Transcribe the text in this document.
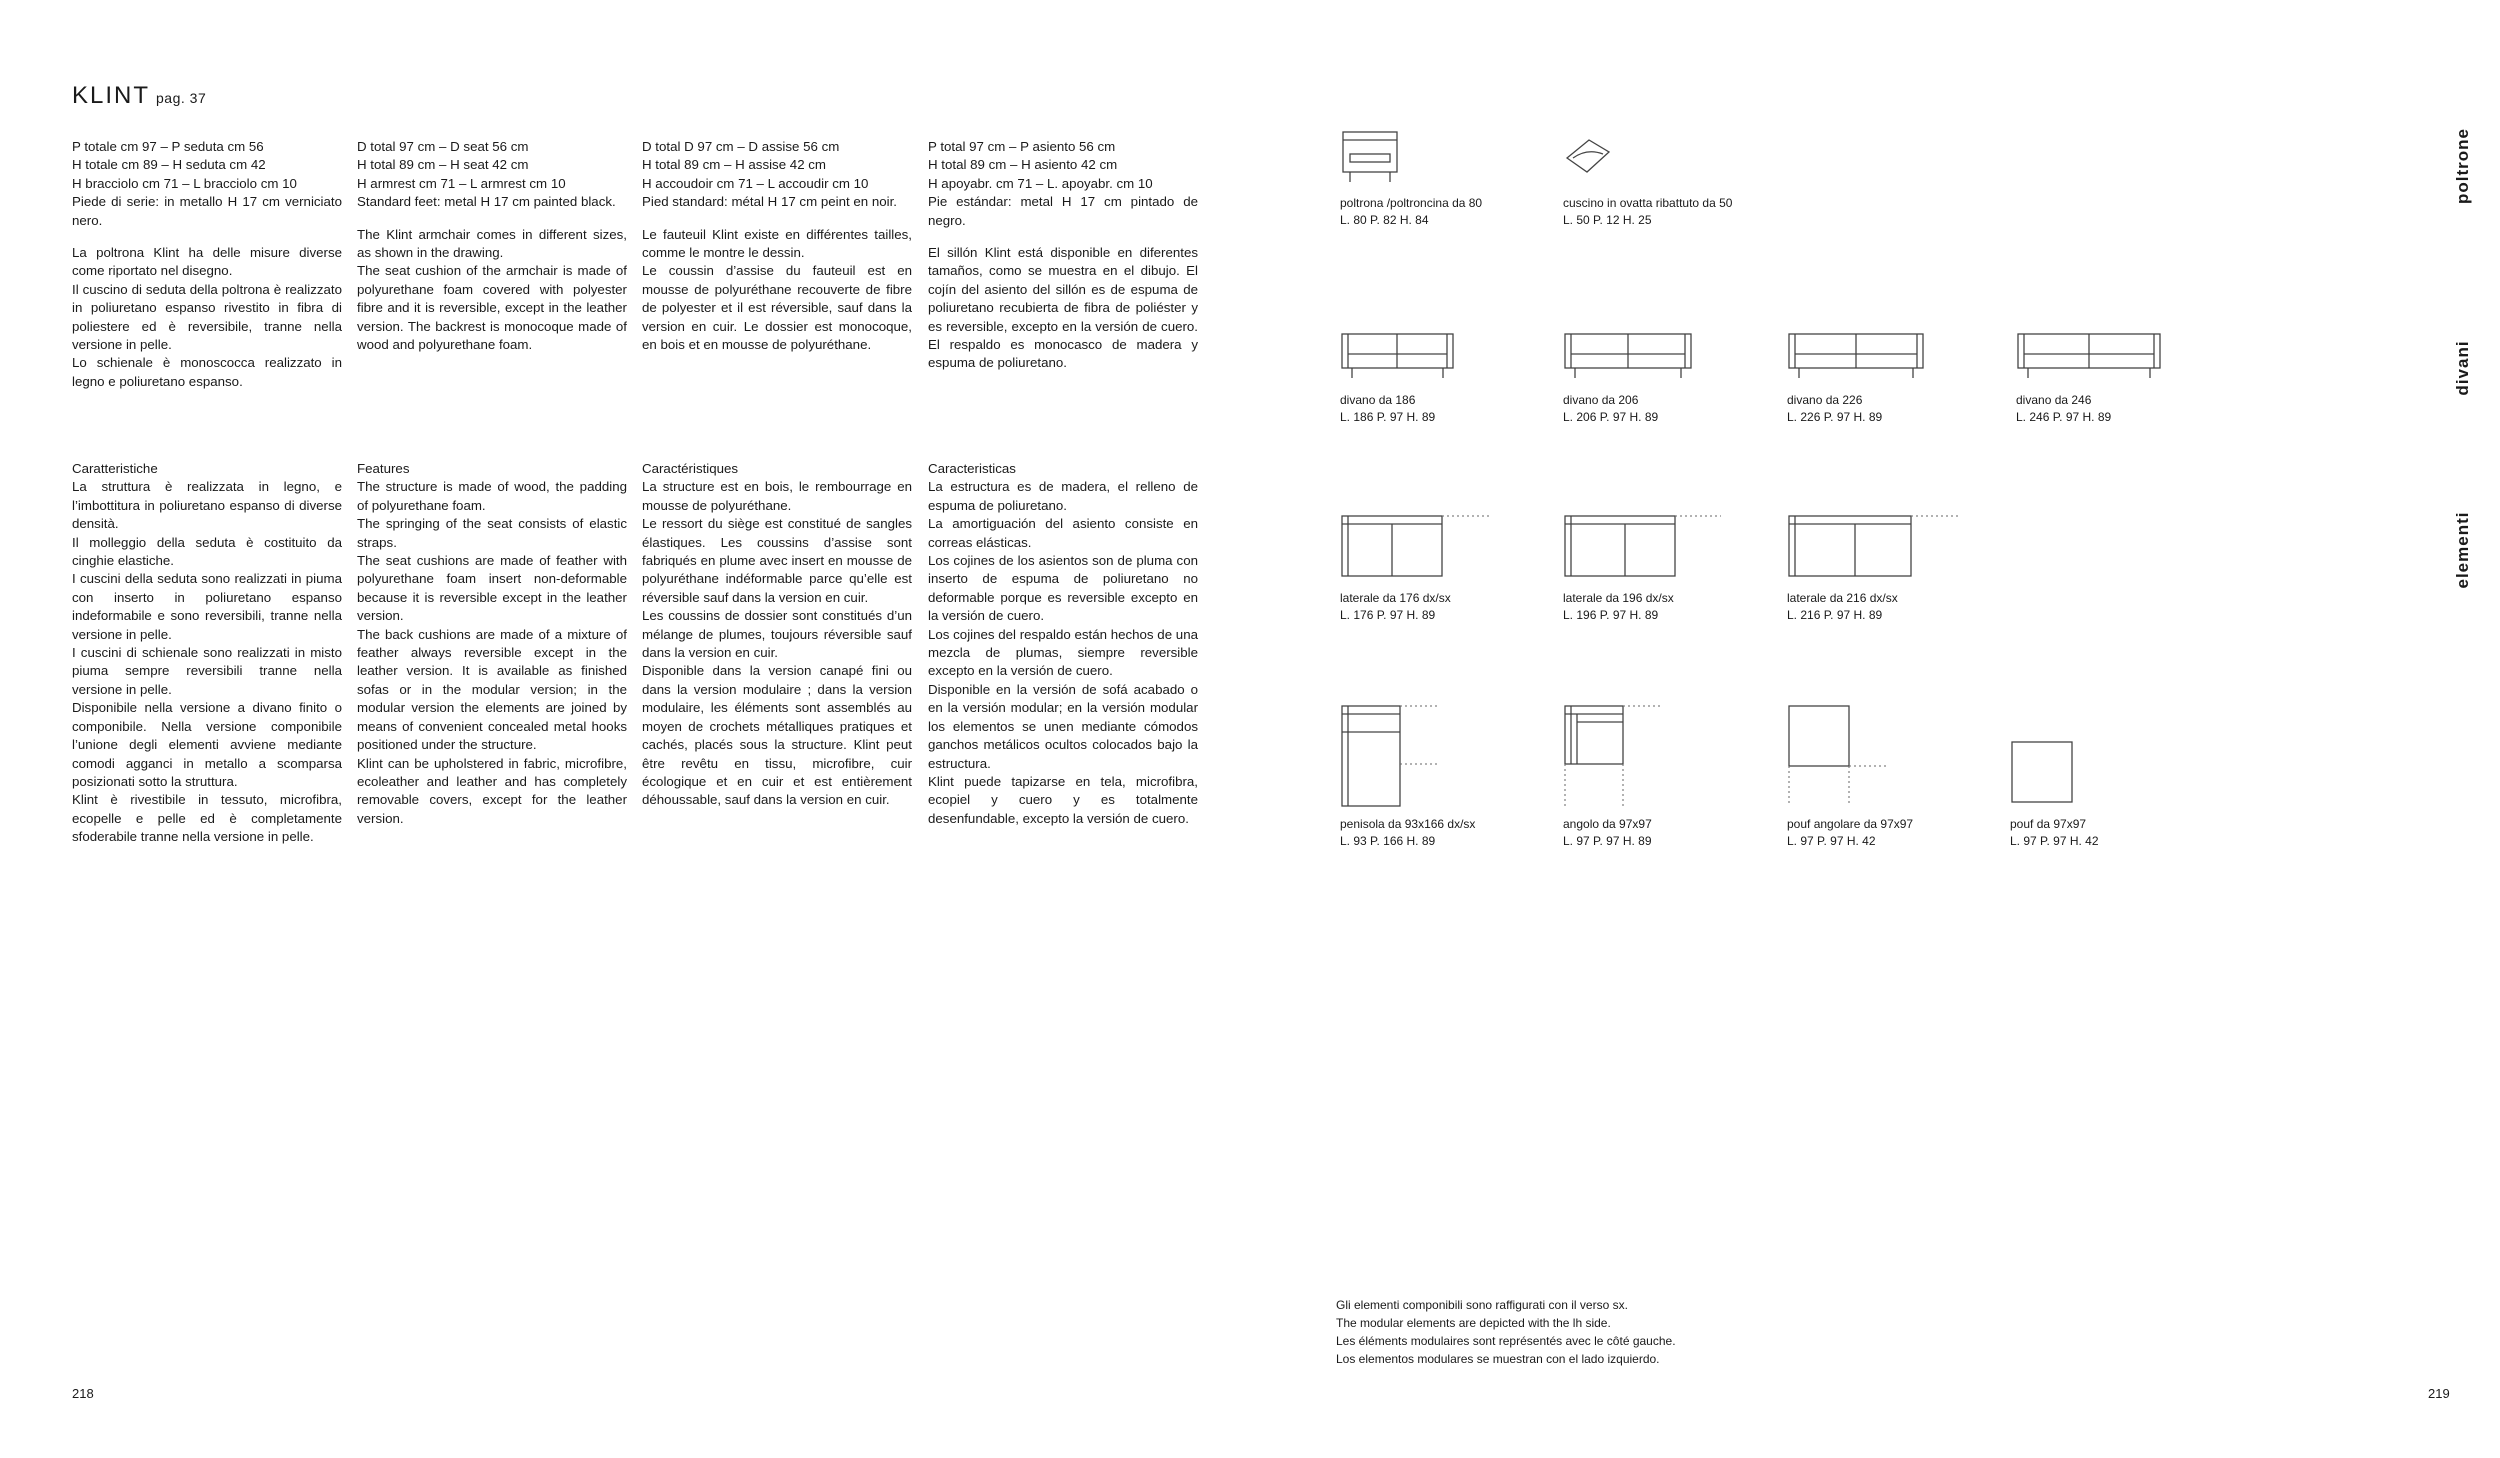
KLINT pag. 37

P totale cm 97 – P seduta cm 56
H totale cm 89 – H seduta cm 42
H bracciolo cm 71 – L bracciolo cm 10
Piede di serie: in metallo H 17 cm verniciato nero.

La poltrona Klint ha delle misure diverse come riportato nel disegno.
Il cuscino di seduta della poltrona è realizzato in poliuretano espanso rivestito in fibra di poliestere ed è reversibile, tranne nella versione in pelle.
Lo schienale è monoscocca realizzato in legno e poliuretano espanso.

D total 97 cm – D seat 56 cm
H total 89 cm – H seat 42 cm
H armrest cm 71 – L armrest cm 10
Standard feet: metal H 17 cm painted black.

The Klint armchair comes in different sizes, as shown in the drawing.
The seat cushion of the armchair is made of polyurethane foam covered with polyester fibre and it is reversible, except in the leather version. The backrest is monocoque made of wood and polyurethane foam.

D total D 97 cm – D assise 56 cm
H total 89 cm – H assise 42 cm
H accoudoir cm 71 – L accoudir cm 10
Pied standard: métal H 17 cm peint en noir.

Le fauteuil Klint existe en différentes tailles, comme le montre le dessin.
Le coussin d’assise du fauteuil est en mousse de polyuréthane recouverte de fibre de polyester et il est réversible, sauf dans la version en cuir. Le dossier est monocoque, en bois et en mousse de polyuréthane.

P total 97 cm – P asiento 56 cm
H total 89 cm – H asiento 42 cm
H apoyabr. cm 71 – L. apoyabr. cm 10
Pie estándar: metal H 17 cm pintado de negro.

El sillón Klint está disponible en diferentes tamaños, como se muestra en el dibujo. El cojín del asiento del sillón es de espuma de poliuretano recubierta de fibra de poliéster y es reversible, excepto en la versión de cuero. El respaldo es monocasco de madera y espuma de poliuretano.

Caratteristiche

La struttura è realizzata in legno, e l’imbottitura in poliuretano espanso di diverse densità.
Il molleggio della seduta è costituito da cinghie elastiche.
I cuscini della seduta sono realizzati in piuma con inserto in poliuretano espanso indeformabile e sono reversibili, tranne nella versione in pelle.
I cuscini di schienale sono realizzati in misto piuma sempre reversibili tranne nella versione in pelle.
Disponibile nella versione a divano finito o componibile. Nella versione componibile l’unione degli elementi avviene mediante comodi agganci in metallo a scomparsa posizionati sotto la struttura.
Klint è rivestibile in tessuto, microfibra, ecopelle e pelle ed è completamente sfoderabile tranne nella versione in pelle.

Features

The structure is made of wood, the padding of polyurethane foam.
The springing of the seat consists of elastic straps.
The seat cushions are made of feather with polyurethane foam insert non-deformable because it is reversible except in the leather version.
The back cushions are made of a mixture of feather always reversible except in the leather version. It is available as finished sofas or in the modular version; in the modular version the elements are joined by means of convenient concealed metal hooks positioned under the structure.
Klint can be upholstered in fabric, microfibre, ecoleather and leather and has completely removable covers, except for the leather version.

Caractéristiques

La structure est en bois, le rembourrage en mousse de polyuréthane.
Le ressort du siège est constitué de sangles élastiques. Les coussins d’assise sont fabriqués en plume avec insert en mousse de polyuréthane indéformable parce qu’elle est réversible sauf dans la version en cuir.
Les coussins de dossier sont constitués d’un mélange de plumes, toujours réversible sauf dans la version en cuir.
Disponible dans la version canapé fini ou dans la version modulaire ; dans la version modulaire, les éléments sont assemblés au moyen de crochets métalliques pratiques et cachés, placés sous la structure. Klint peut être revêtu en tissu, microfibre, cuir écologique et en cuir et est entièrement déhoussable, sauf dans la version en cuir.

Caracteristicas

La estructura es de madera, el relleno de espuma de poliuretano.
La amortiguación del asiento consiste en correas elásticas.
Los cojines de los asientos son de pluma con inserto de espuma de poliuretano no deformable porque es reversible excepto en la versión de cuero.
Los cojines del respaldo están hechos de una mezcla de plumas, siempre reversible excepto en la versión de cuero.
Disponible en la versión de sofá acabado o en la versión modular; en la versión modular los elementos se unen mediante cómodos ganchos metálicos ocultos colocados bajo la estructura.
Klint puede tapizarse en tela, microfibra, ecopiel y cuero y es totalmente desenfundable, excepto la versión de cuero.

poltrona /poltroncina da 80
L. 80 P. 82 H. 84
cuscino in ovatta ribattuto da 50
L. 50 P. 12 H. 25
divano da 186
L. 186 P. 97 H. 89
divano da 206
L. 206 P. 97 H. 89
divano da 226
L. 226 P. 97 H. 89
divano da 246
L. 246 P. 97 H. 89
laterale da 176 dx/sx
L. 176 P. 97 H. 89
laterale da 196 dx/sx
L. 196 P. 97 H. 89
laterale da 216 dx/sx
L. 216 P. 97 H. 89
penisola da 93x166 dx/sx
L. 93 P. 166 H. 89
angolo da 97x97
L. 97 P. 97 H. 89
pouf angolare da 97x97
L. 97 P. 97 H. 42
pouf da 97x97
L. 97 P. 97 H. 42
poltrone
divani
elementi
Gli elementi componibili sono raffigurati con il verso sx.
The modular elements are depicted with the lh side.
Les éléments modulaires sont représentés avec le côté gauche.
Los elementos modulares se muestran con el lado izquierdo.
218	219
